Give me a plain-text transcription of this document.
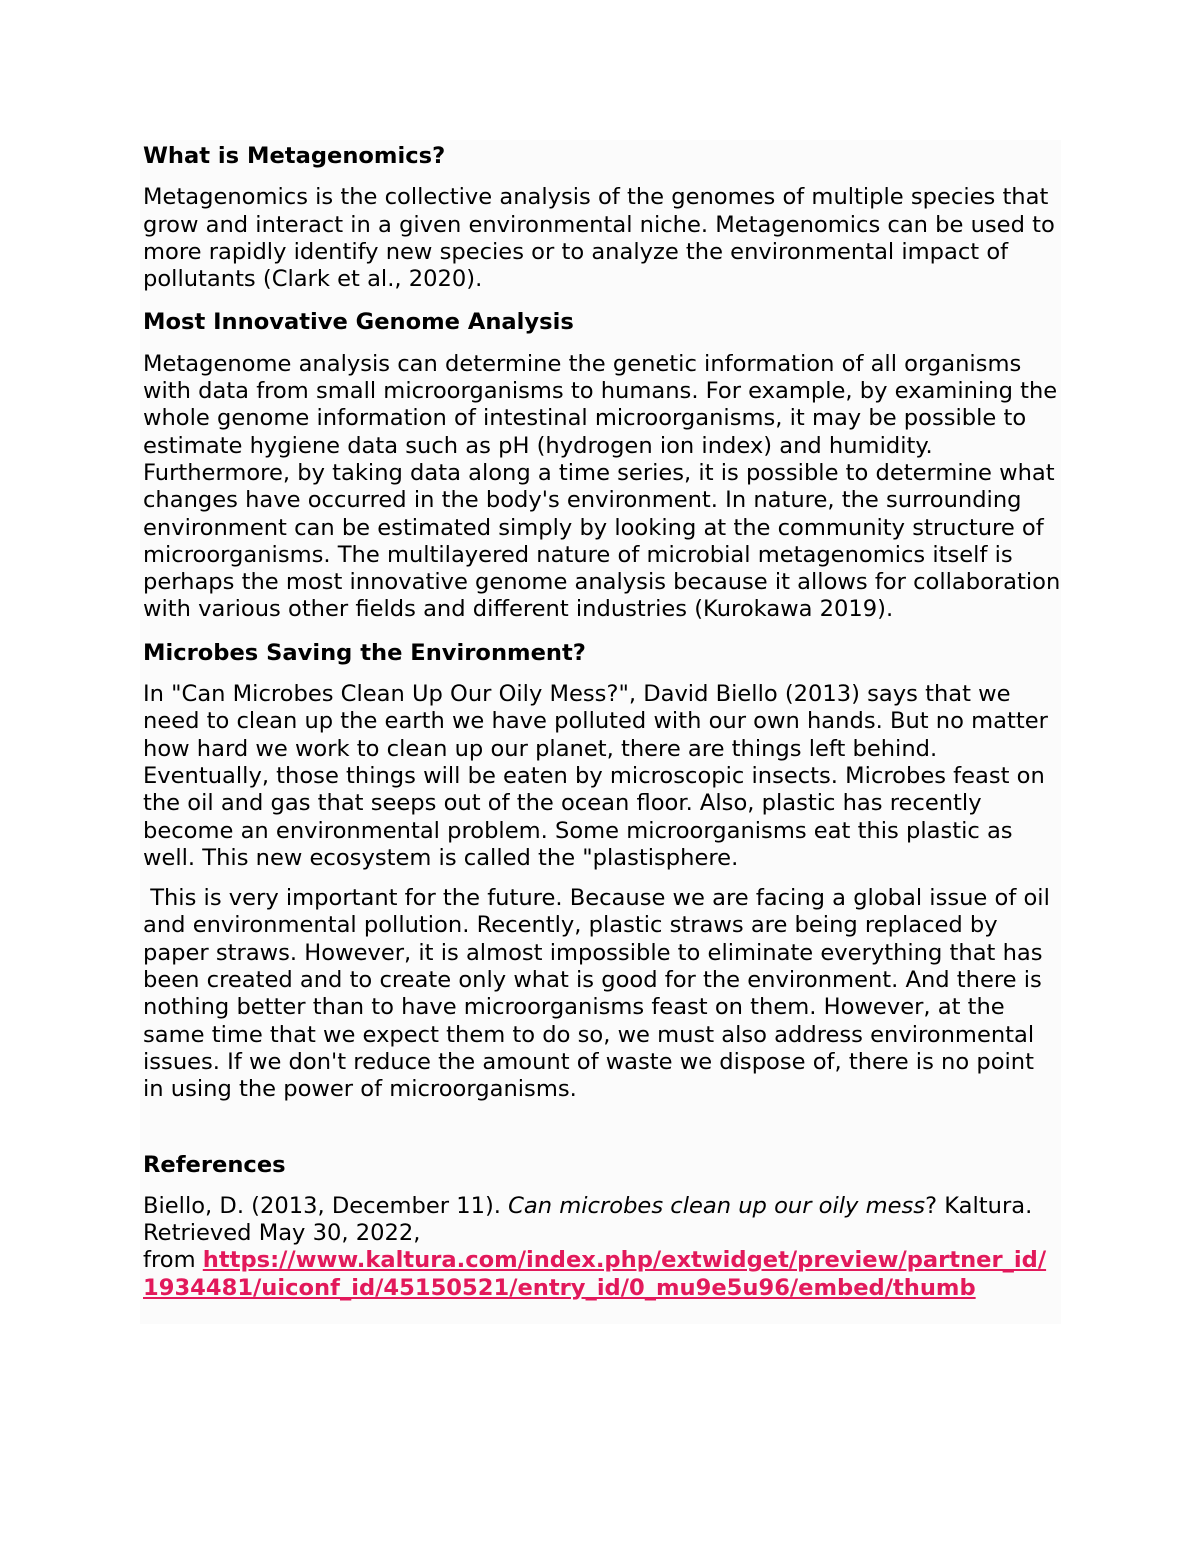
What is Metagenomics?

Metagenomics is the collective analysis of the genomes of multiple species that grow and interact in a given environmental niche. Metagenomics can be used to more rapidly identify new species or to analyze the environmental impact of pollutants (Clark et al., 2020).

Most Innovative Genome Analysis

Metagenome analysis can determine the genetic information of all organisms with data from small microorganisms to humans. For example, by examining the whole genome information of intestinal microorganisms, it may be possible to estimate hygiene data such as pH (hydrogen ion index) and humidity. Furthermore, by taking data along a time series, it is possible to determine what changes have occurred in the body's environment. In nature, the surrounding environment can be estimated simply by looking at the community structure of microorganisms. The multilayered nature of microbial metagenomics itself is perhaps the most innovative genome analysis because it allows for collaboration with various other fields and different industries (Kurokawa 2019).

Microbes Saving the Environment?

In "Can Microbes Clean Up Our Oily Mess?", David Biello (2013) says that we need to clean up the earth we have polluted with our own hands. But no matter how hard we work to clean up our planet, there are things left behind. Eventually, those things will be eaten by microscopic insects. Microbes feast on the oil and gas that seeps out of the ocean floor. Also, plastic has recently become an environmental problem. Some microorganisms eat this plastic as well. This new ecosystem is called the "plastisphere.

This is very important for the future. Because we are facing a global issue of oil and environmental pollution. Recently, plastic straws are being replaced by paper straws. However, it is almost impossible to eliminate everything that has been created and to create only what is good for the environment. And there is nothing better than to have microorganisms feast on them. However, at the same time that we expect them to do so, we must also address environmental issues. If we don't reduce the amount of waste we dispose of, there is no point in using the power of microorganisms.

References

Biello, D. (2013, December 11). Can microbes clean up our oily mess? Kaltura. Retrieved May 30, 2022,
from https://www.kaltura.com/index.php/extwidget/preview/partner_id/1934481/uiconf_id/45150521/entry_id/0_mu9e5u96/embed/thumb
